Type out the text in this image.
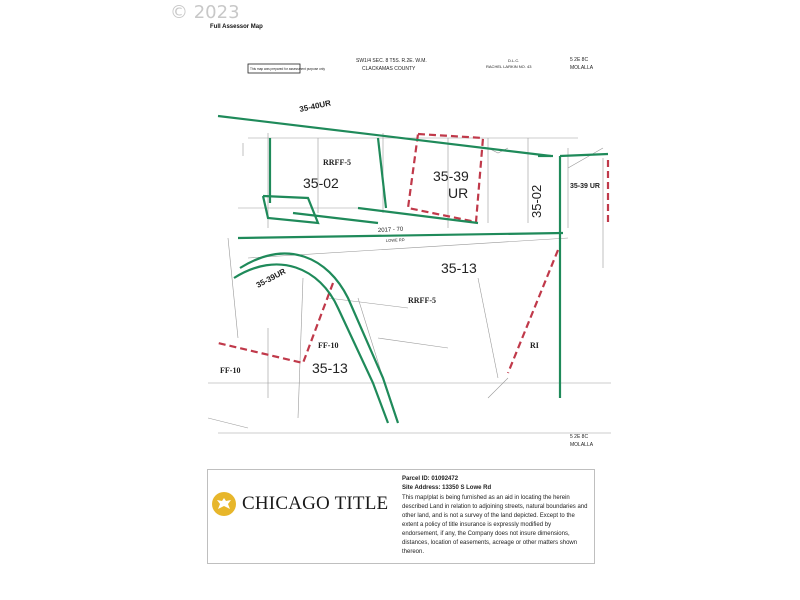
© 2023
Full Assessor Map
This map was prepared for assessment purpose only
SW1/4 SEC. 8 T5S. R.2E. W.M.
CLACKAMAS COUNTY
D.L.C.
RACHEL LARKIN NO. 43
5 2E 8C
MOLALLA
5 2E 8C
MOLALLA
35-40UR
35-39UR
35-39 UR
35-02	35-39
UR	35-02
35-13
35-13
RRFF-5
RRFF-5
FF-10
FF-10
RI
2017 - 70
LOWE RD
CHICAGO TITLE
Parcel ID: 01092472
Site Address: 13350 S Lowe Rd
This map/plat is being furnished as an aid in locating the herein described Land in relation to adjoining streets, natural boundaries and other land, and is not a survey of the land depicted. Except to the extent a policy of title insurance is expressly modified by endorsement, if any, the Company does not insure dimensions, distances, location of easements, acreage or other matters shown thereon.
